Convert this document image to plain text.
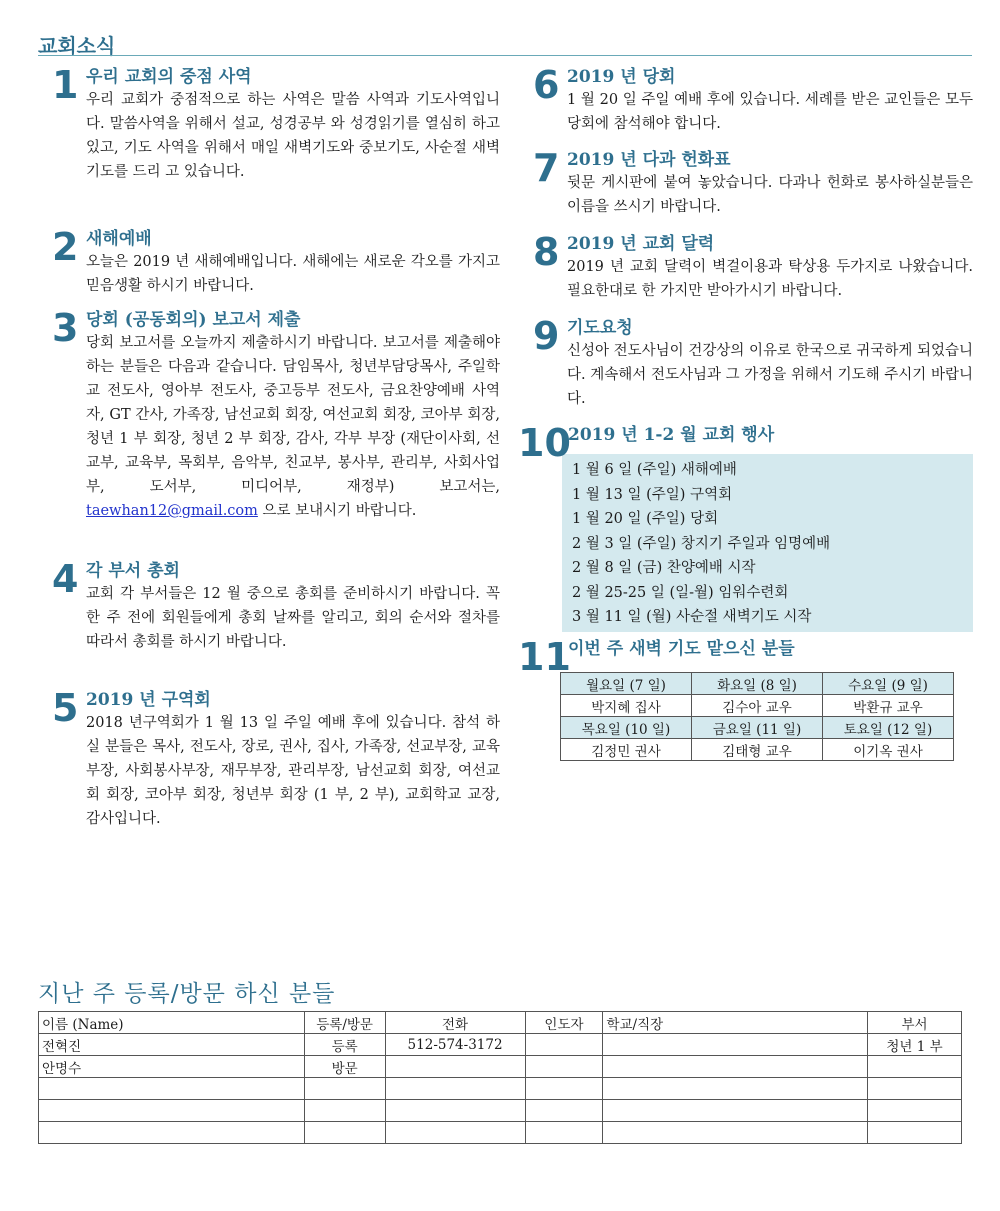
교회소식
1 우리 교회의 중점 사역
우리 교회가 중점적으로 하는 사역은 말씀 사역과 기도사역입니다. 말씀사역을 위해서 설교, 성경공부 와 성경읽기를 열심히 하고 있고, 기도 사역을 위해서 매일 새벽기도와 중보기도, 사순절 새벽기도를 드리 고 있습니다.
2 새해예배
오늘은 2019 년 새해예배입니다. 새해에는 새로운 각오를 가지고 믿음생활 하시기 바랍니다.
3 당회 (공동회의) 보고서 제출
당회 보고서를 오늘까지 제출하시기 바랍니다. 보고서를 제출해야 하는 분들은 다음과 같습니다. 담임목사, 청년부담당목사, 주일학교 전도사, 영아부 전도사, 중고등부 전도사, 금요찬양예배 사역자, GT 간사, 가족장, 남선교회 회장, 여선교회 회장, 코아부 회장, 청년 1 부 회장, 청년 2 부 회장, 감사, 각부 부장 (재단이사회, 선교부, 교육부, 목회부, 음악부, 친교부, 봉사부, 관리부, 사회사업부, 도서부, 미디어부, 재정부) 보고서는, taewhan12@gmail.com 으로 보내시기 바랍니다.
4 각 부서 총회
교회 각 부서들은 12 월 중으로 총회를 준비하시기 바랍니다. 꼭 한 주 전에 회원들에게 총회 날짜를 알리고, 회의 순서와 절차를 따라서 총회를 하시기 바랍니다.
5 2019 년 구역회
2018 년구역회가 1 월 13 일 주일 예배 후에 있습니다. 참석 하실 분들은 목사, 전도사, 장로, 권사, 집사, 가족장, 선교부장, 교육부장, 사회봉사부장, 재무부장, 관리부장, 남선교회 회장, 여선교회 회장, 코아부 회장, 청년부 회장 (1 부, 2 부), 교회학교 교장, 감사입니다.
6 2019 년 당회
1 월 20 일 주일 예배 후에 있습니다. 세례를 받은 교인들은 모두 당회에 참석해야 합니다.
7 2019 년 다과 헌화표
뒷문 게시판에 붙여 놓았습니다. 다과나 헌화로 봉사하실분들은 이름을 쓰시기 바랍니다.
8 2019 년 교회 달력
2019 년 교회 달력이 벽걸이용과 탁상용 두가지로 나왔습니다. 필요한대로 한 가지만 받아가시기 바랍니다.
9 기도요청
신성아 전도사님이 건강상의 이유로 한국으로 귀국하게 되었습니다. 계속해서 전도사님과 그 가정을 위해서 기도해 주시기 바랍니다.
10
2019 년 1-2 월 교회 행사
1 월 6 일 (주일) 새해예배
1 월 13 일 (주일) 구역회
1 월 20 일 (주일) 당회
2 월 3 일 (주일) 창지기 주일과 임명예배
2 월 8 일 (금) 찬양예배 시작
2 월 25-25 일 (일-월) 임워수련회
3 월 11 일 (월) 사순절 새벽기도 시작
11
이번 주 새벽 기도 맡으신 분들
월요일 (7 일)	화요일 (8 일)	수요일 (9 일)
박지혜 집사	김수아 교우	박환규 교우
목요일 (10 일)	금요일 (11 일)	토요일 (12 일)
김정민 권사	김태형 교우	이기옥 권사
지난 주 등록/방문 하신 분들
이름 (Name)	등록/방문	전화	인도자	학교/직장	부서
전혁진	등록	512-574-3172			청년 1 부
안명수	방문				
